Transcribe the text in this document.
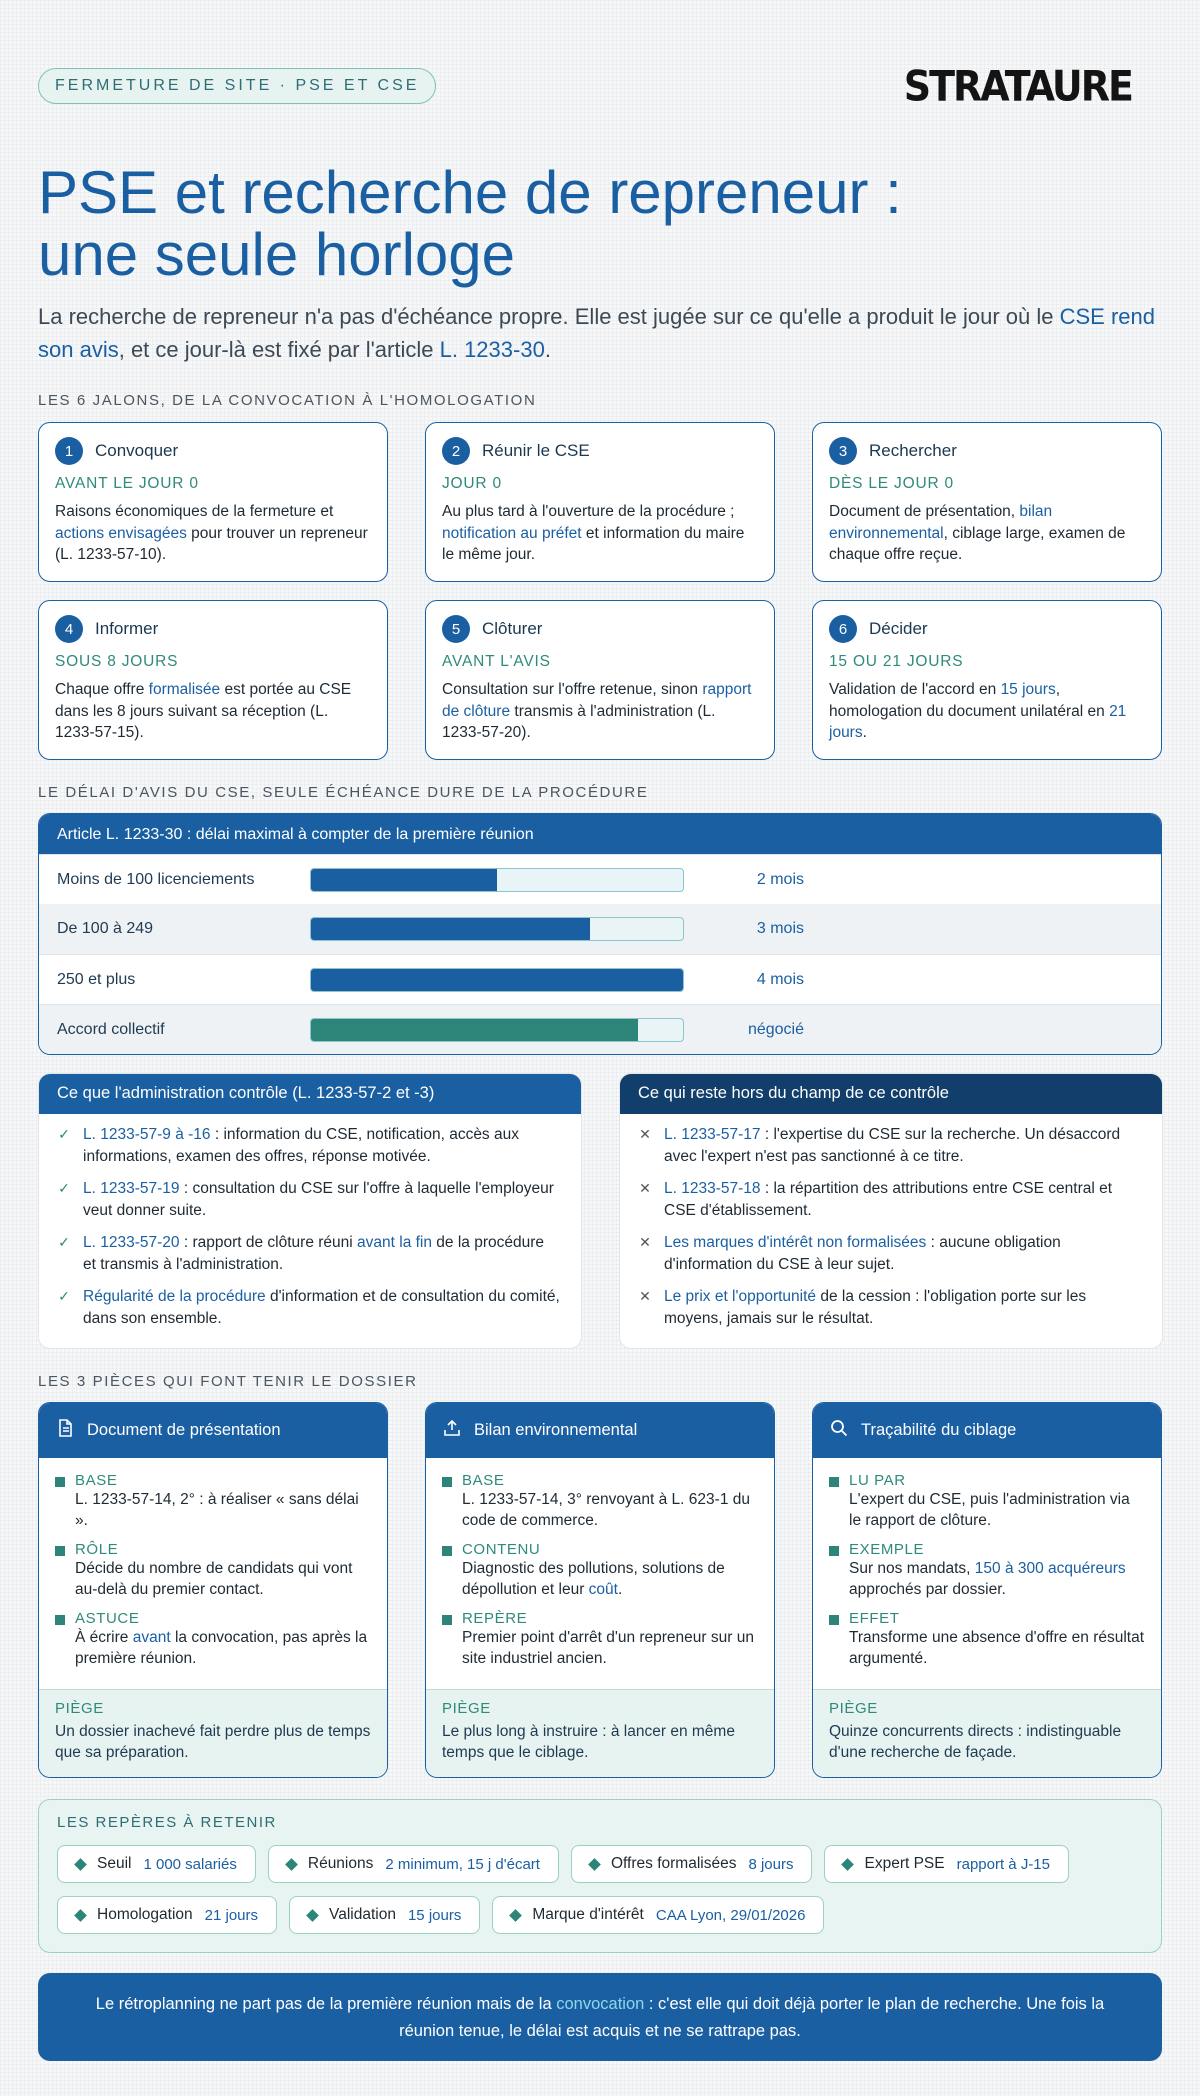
FERMETURE DE SITE · PSE ET CSE	STRATAURE
PSE et recherche de repreneur :
une seule horloge

La recherche de repreneur n'a pas d'échéance propre. Elle est jugée sur ce qu'elle a produit le jour où le CSE rend son avis, et ce jour-là est fixé par l'article L. 1233-30.

LES 6 JALONS, DE LA CONVOCATION À L'HOMOLOGATION
1	Convoquer
AVANT LE JOUR 0
Raisons économiques de la fermeture et actions envisagées pour trouver un repreneur (L. 1233-57-10).
2	Réunir le CSE
JOUR 0
Au plus tard à l'ouverture de la procédure ; notification au préfet et information du maire le même jour.
3	Rechercher
DÈS LE JOUR 0
Document de présentation, bilan environnemental, ciblage large, examen de chaque offre reçue.
4	Informer
SOUS 8 JOURS
Chaque offre formalisée est portée au CSE dans les 8 jours suivant sa réception (L. 1233-57-15).
5	Clôturer
AVANT L'AVIS
Consultation sur l'offre retenue, sinon rapport de clôture transmis à l'administration (L. 1233-57-20).
6	Décider
15 OU 21 JOURS
Validation de l'accord en 15 jours, homologation du document unilatéral en 21 jours.
LE DÉLAI D'AVIS DU CSE, SEULE ÉCHÉANCE DURE DE LA PROCÉDURE
Article L. 1233-30 : délai maximal à compter de la première réunion
Moins de 100 licenciements	2 mois
De 100 à 249	3 mois
250 et plus	4 mois
Accord collectif	négocié
Ce que l'administration contrôle (L. 1233-57-2 et -3)
✓ L. 1233-57-9 à -16 : information du CSE, notification, accès aux informations, examen des offres, réponse motivée.
✓ L. 1233-57-19 : consultation du CSE sur l'offre à laquelle l'employeur veut donner suite.
✓ L. 1233-57-20 : rapport de clôture réuni avant la fin de la procédure et transmis à l'administration.
✓ Régularité de la procédure d'information et de consultation du comité, dans son ensemble.
Ce qui reste hors du champ de ce contrôle
✕ L. 1233-57-17 : l'expertise du CSE sur la recherche. Un désaccord avec l'expert n'est pas sanctionné à ce titre.
✕ L. 1233-57-18 : la répartition des attributions entre CSE central et CSE d'établissement.
✕ Les marques d'intérêt non formalisées : aucune obligation d'information du CSE à leur sujet.
✕ Le prix et l'opportunité de la cession : l'obligation porte sur les moyens, jamais sur le résultat.
LES 3 PIÈCES QUI FONT TENIR LE DOSSIER
Document de présentation
BASE
L. 1233-57-14, 2° : à réaliser « sans délai ».
RÔLE
Décide du nombre de candidats qui vont au-delà du premier contact.
ASTUCE
À écrire avant la convocation, pas après la première réunion.
PIÈGE
Un dossier inachevé fait perdre plus de temps que sa préparation.
Bilan environnemental
BASE
L. 1233-57-14, 3° renvoyant à L. 623-1 du code de commerce.
CONTENU
Diagnostic des pollutions, solutions de dépollution et leur coût.
REPÈRE
Premier point d'arrêt d'un repreneur sur un site industriel ancien.
PIÈGE
Le plus long à instruire : à lancer en même temps que le ciblage.
Traçabilité du ciblage
LU PAR
L'expert du CSE, puis l'administration via le rapport de clôture.
EXEMPLE
Sur nos mandats, 150 à 300 acquéreurs approchés par dossier.
EFFET
Transforme une absence d'offre en résultat argumenté.
PIÈGE
Quinze concurrents directs : indistinguable d'une recherche de façade.
LES REPÈRES À RETENIR
Seuil 1 000 salariés	Réunions 2 minimum, 15 j d'écart	Offres formalisées 8 jours	Expert PSE rapport à J-15
Homologation 21 jours	Validation 15 jours	Marque d'intérêt CAA Lyon, 29/01/2026
Le rétroplanning ne part pas de la première réunion mais de la convocation : c'est elle qui doit déjà porter le plan de recherche. Une fois la réunion tenue, le délai est acquis et ne se rattrape pas.
